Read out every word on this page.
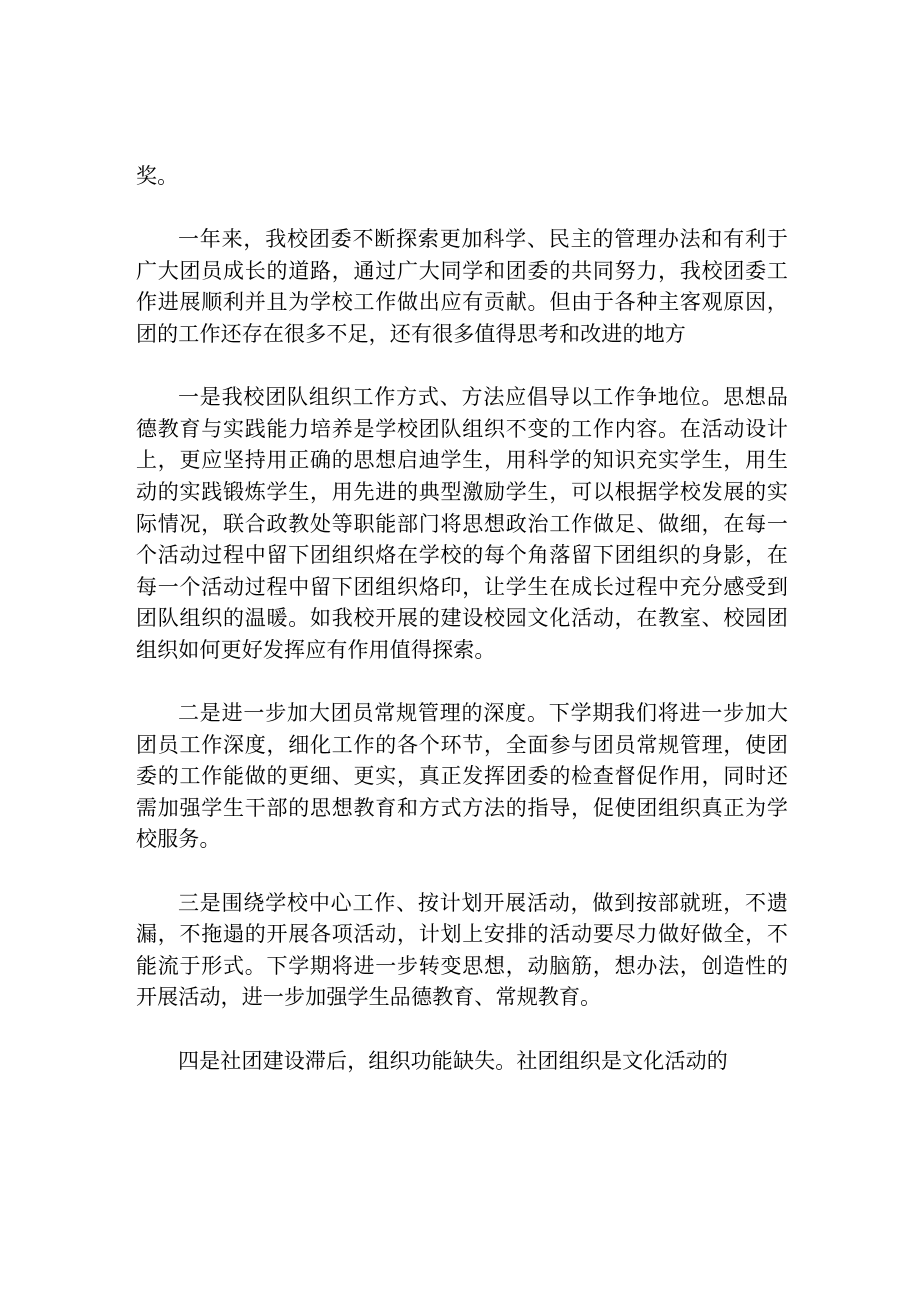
奖。

一年来，我校团委不断探索更加科学、民主的管理办法和有利于广大团员成长的道路，通过广大同学和团委的共同努力，我校团委工作进展顺利并且为学校工作做出应有贡献。但由于各种主客观原因，团的工作还存在很多不足，还有很多值得思考和改进的地方

一是我校团队组织工作方式、方法应倡导以工作争地位。思想品德教育与实践能力培养是学校团队组织不变的工作内容。在活动设计上，更应坚持用正确的思想启迪学生，用科学的知识充实学生，用生动的实践锻炼学生，用先进的典型激励学生，可以根据学校发展的实际情况，联合政教处等职能部门将思想政治工作做足、做细，在每一个活动过程中留下团组织烙在学校的每个角落留下团组织的身影，在每一个活动过程中留下团组织烙印，让学生在成长过程中充分感受到团队组织的温暖。如我校开展的建设校园文化活动，在教室、校园团组织如何更好发挥应有作用值得探索。

二是进一步加大团员常规管理的深度。下学期我们将进一步加大团员工作深度，细化工作的各个环节，全面参与团员常规管理，使团委的工作能做的更细、更实，真正发挥团委的检查督促作用，同时还需加强学生干部的思想教育和方式方法的指导，促使团组织真正为学校服务。

三是围绕学校中心工作、按计划开展活动，做到按部就班，不遗漏，不拖遢的开展各项活动，计划上安排的活动要尽力做好做全，不能流于形式。下学期将进一步转变思想，动脑筋，想办法，创造性的开展活动，进一步加强学生品德教育、常规教育。

四是社团建设滞后，组织功能缺失。社团组织是文化活动的
